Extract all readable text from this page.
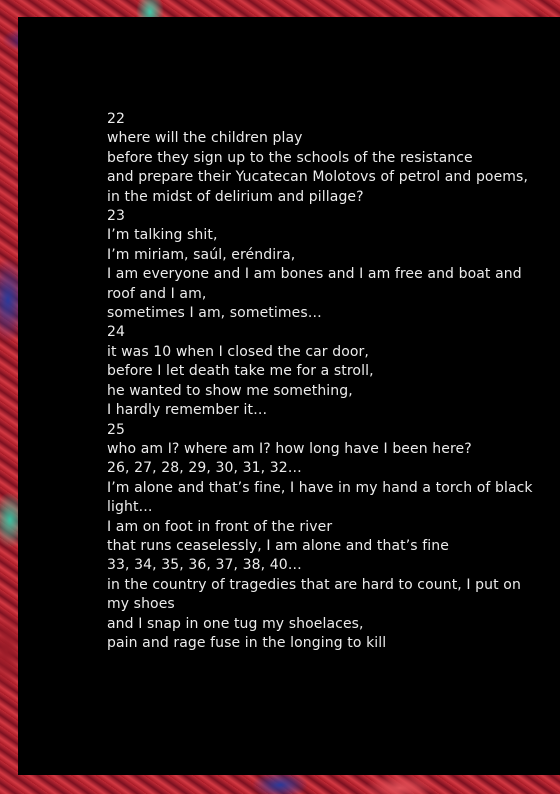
22
where will the children play
before they sign up to the schools of the resistance
and prepare their Yucatecan Molotovs of petrol and poems,
in the midst of delirium and pillage?
23
I’m talking shit,
I’m miriam, saúl, eréndira,
I am everyone and I am bones and I am free and boat and
roof and I am,
sometimes I am, sometimes…
24
it was 10 when I closed the car door,
before I let death take me for a stroll,
he wanted to show me something,
I hardly remember it…
25
who am I? where am I? how long have I been here?
26, 27, 28, 29, 30, 31, 32…
I’m alone and that’s fine, I have in my hand a torch of black
light…
I am on foot in front of the river
that runs ceaselessly, I am alone and that’s fine
33, 34, 35, 36, 37, 38, 40…
in the country of tragedies that are hard to count, I put on
my shoes
and I snap in one tug my shoelaces,
pain and rage fuse in the longing to kill
